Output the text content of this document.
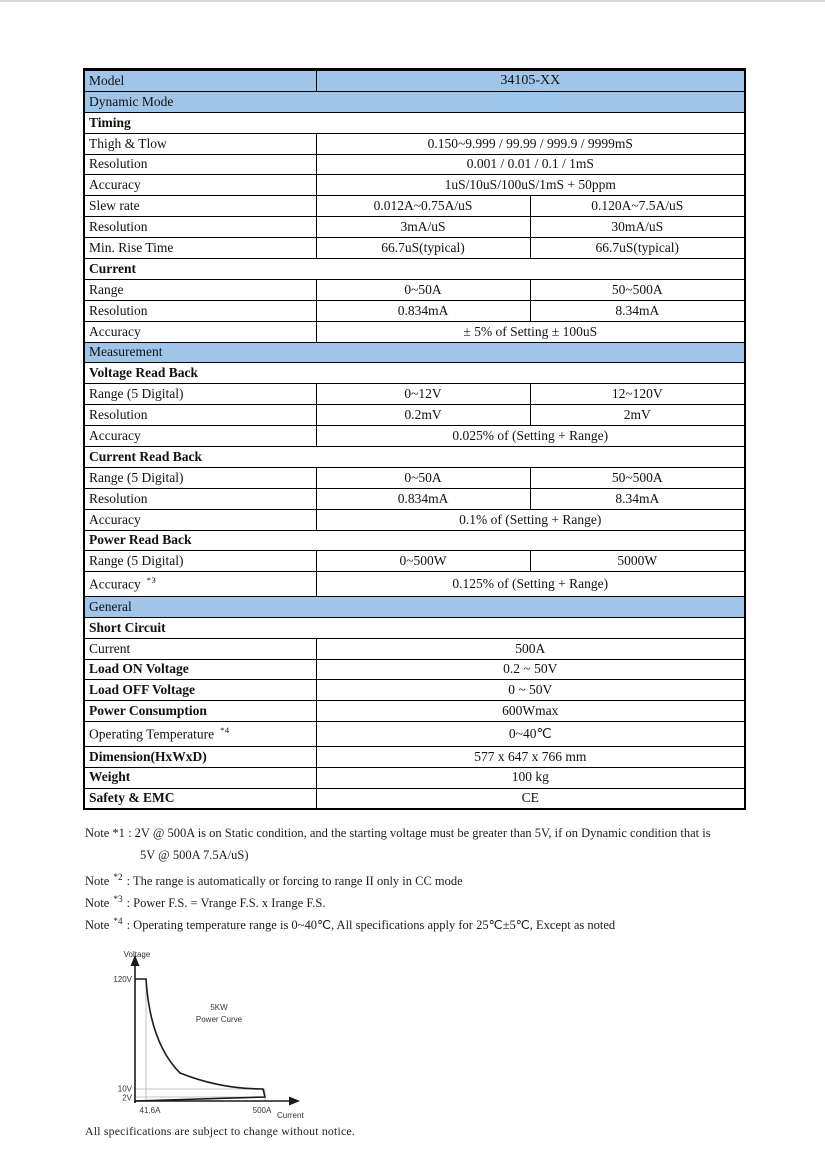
Model	34105-XX	
Dynamic Mode		
Timing		
Thigh & Tlow	0.150~9.999 / 99.99 / 999.9 / 9999mS	
Resolution	0.001 / 0.01 / 0.1 / 1mS	
Accuracy	1uS/10uS/100uS/1mS + 50ppm	
Slew rate	0.012A~0.75A/uS	0.120A~7.5A/uS
Resolution	3mA/uS	30mA/uS
Min. Rise Time	66.7uS(typical)	66.7uS(typical)
Current		
Range	0~50A	50~500A
Resolution	0.834mA	8.34mA
Accuracy	± 5% of Setting ± 100uS	
Measurement		
Voltage Read Back		
Range (5 Digital)	0~12V	12~120V
Resolution	0.2mV	2mV
Accuracy	0.025% of (Setting + Range)	
Current Read Back		
Range (5 Digital)	0~50A	50~500A
Resolution	0.834mA	8.34mA
Accuracy	0.1% of (Setting + Range)	
Power Read Back		
Range (5 Digital)	0~500W	5000W
Accuracy $^{*3}$	0.125% of (Setting + Range)	
General		
Short Circuit		
Current	500A	
Load ON Voltage	0.2 ~ 50V	
Load OFF Voltage	0 ~ 50V	
Power Consumption	600Wmax	
Operating Temperature $^{*4}$	0~40℃	
Dimension(HxWxD)	577 x 647 x 766 mm	
Weight	100 kg	
Safety & EMC	CE	
Note *1 : 2V @ 500A is on Static condition, and the starting voltage must be greater than 5V, if on Dynamic condition that is
5V @ 500A 7.5A/uS)
Note $^{*2}$ : The range is automatically or forcing to range II only in CC mode
Note $^{*3}$ : Power F.S. = Vrange F.S. x Irange F.S.
Note $^{*4}$ : Operating temperature range is 0~40℃, All specifications apply for 25℃±5℃, Except as noted
Voltage
120V
10V
2V
41.6A	500A
Current
5KW
Power Curve
All specifications are subject to change without notice.
